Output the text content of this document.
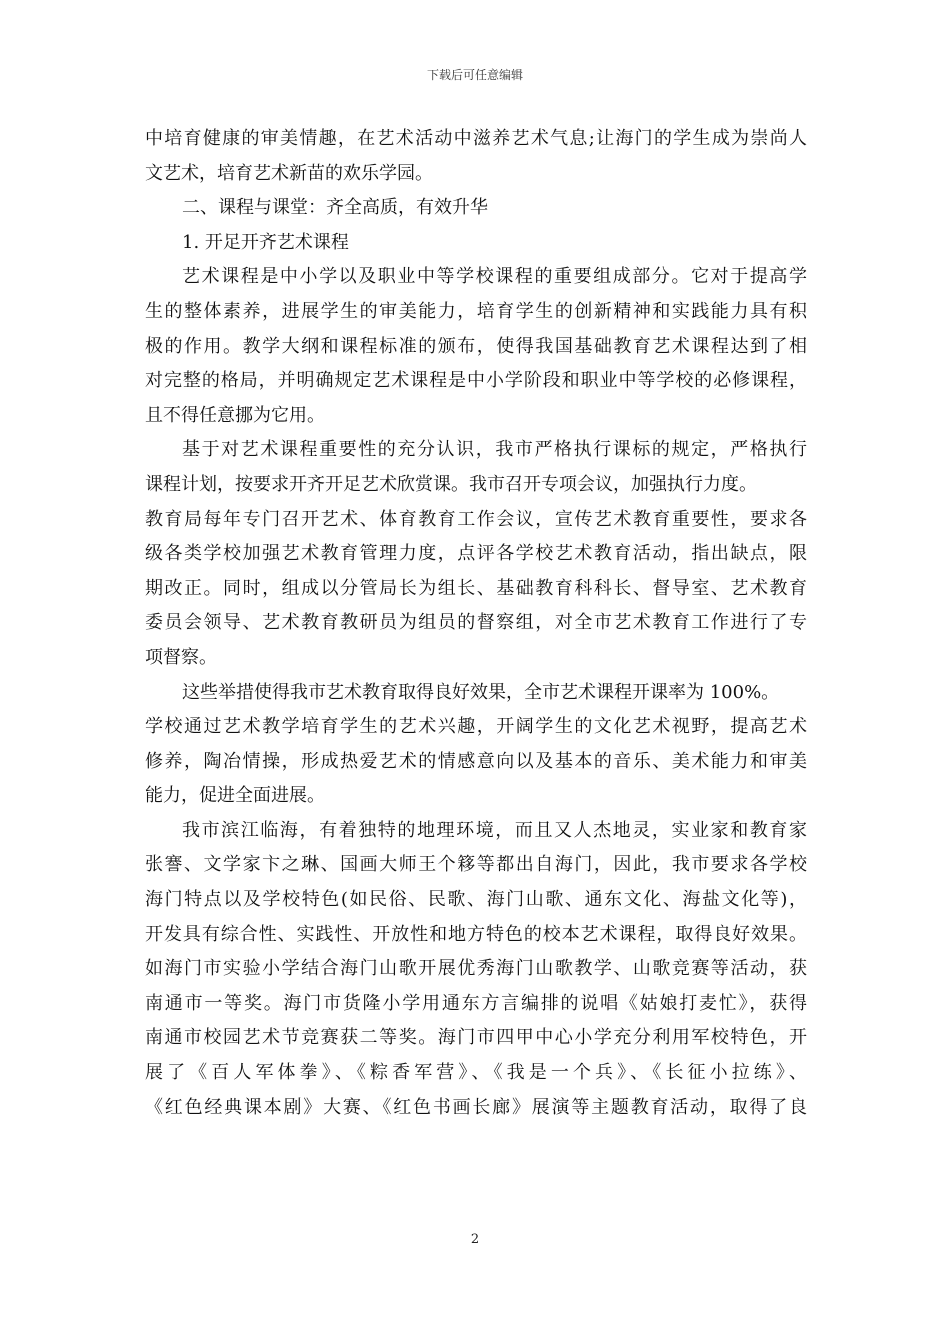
下载后可任意编辑
中培育健康的审美情趣，在艺术活动中滋养艺术气息;让海门的学生成为崇尚人
文艺术，培育艺术新苗的欢乐学园。
二、课程与课堂：齐全高质，有效升华
1. 开足开齐艺术课程
艺术课程是中小学以及职业中等学校课程的重要组成部分。它对于提高学
生的整体素养，进展学生的审美能力，培育学生的创新精神和实践能力具有积
极的作用。教学大纲和课程标准的颁布，使得我国基础教育艺术课程达到了相
对完整的格局，并明确规定艺术课程是中小学阶段和职业中等学校的必修课程，
且不得任意挪为它用。
基于对艺术课程重要性的充分认识，我市严格执行课标的规定，严格执行
课程计划，按要求开齐开足艺术欣赏课。我市召开专项会议，加强执行力度。
教育局每年专门召开艺术、体育教育工作会议，宣传艺术教育重要性，要求各
级各类学校加强艺术教育管理力度，点评各学校艺术教育活动，指出缺点，限
期改正。同时，组成以分管局长为组长、基础教育科科长、督导室、艺术教育
委员会领导、艺术教育教研员为组员的督察组，对全市艺术教育工作进行了专
项督察。
这些举措使得我市艺术教育取得良好效果，全市艺术课程开课率为 100%。
学校通过艺术教学培育学生的艺术兴趣，开阔学生的文化艺术视野，提高艺术
修养，陶冶情操，形成热爱艺术的情感意向以及基本的音乐、美术能力和审美
能力，促进全面进展。
我市滨江临海，有着独特的地理环境，而且又人杰地灵，实业家和教育家
张謇、文学家卞之琳、国画大师王个簃等都出自海门，因此，我市要求各学校
海门特点以及学校特色(如民俗、民歌、海门山歌、通东文化、海盐文化等)，
开发具有综合性、实践性、开放性和地方特色的校本艺术课程，取得良好效果。
如海门市实验小学结合海门山歌开展优秀海门山歌教学、山歌竞赛等活动，获
南通市一等奖。海门市货隆小学用通东方言编排的说唱《姑娘打麦忙》，获得
南通市校园艺术节竞赛获二等奖。海门市四甲中心小学充分利用军校特色，开
展了《百人军体拳》、《粽香军营》、《我是一个兵》、《长征小拉练》、
《红色经典课本剧》大赛、《红色书画长廊》展演等主题教育活动，取得了良
2
